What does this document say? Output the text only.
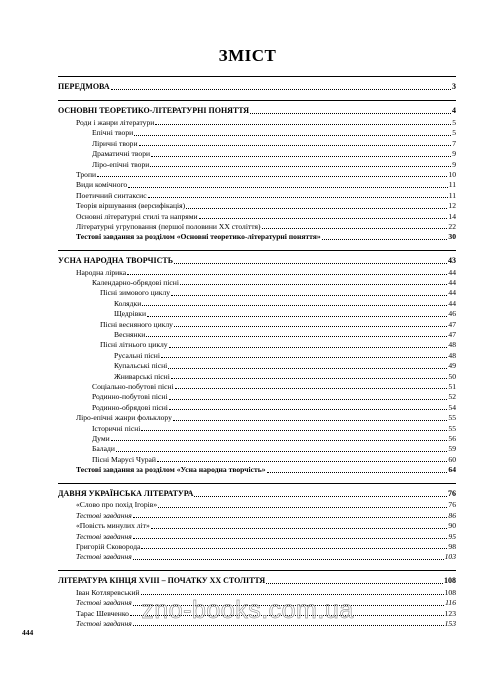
ЗМІСТ
ПЕРЕДМОВА	3
ОСНОВНІ ТЕОРЕТИКО-ЛІТЕРАТУРНІ ПОНЯТТЯ	4
Роди і жанри літератури	5
Епічні твори	5
Ліричні твори	7
Драматичні твори	9
Ліро-епічні твори	9
Тропи	10
Види комічного	11
Поетичний синтаксис	11
Теорія віршування (версифікація)	12
Основні літературні стилі та напрями	14
Літературні угруповання (першої половини XX століття)	22
Тестові завдання за розділом «Основні теоретико-літературні поняття»	30
УСНА НАРОДНА ТВОРЧІСТЬ	43
Народна лірика	44
Календарно-обрядові пісні	44
Пісні зимового циклу	44
Колядки	44
Щедрівки	46
Пісні весняного циклу	47
Веснянки	47
Пісні літнього циклу	48
Русальні пісні	48
Купальські пісні	49
Жниварські пісні	50
Соціально-побутові пісні	51
Родинно-побутові пісні	52
Родинно-обрядові пісні	54
Ліро-епічні жанри фольклору	55
Історичні пісні	55
Думи	56
Балади	59
Пісні Марусі Чурай	60
Тестові завдання за розділом «Усна народна творчість»	64
ДАВНЯ УКРАЇНСЬКА ЛІТЕРАТУРА	76
«Слово про похід Ігорів»	76
Тестові завдання	86
«Повість минулих літ»	90
Тестові завдання	95
Григорій Сковорода	98
Тестові завдання	103
ЛІТЕРАТУРА КІНЦЯ XVIII – ПОЧАТКУ XX СТОЛІТТЯ	108
Іван Котляревський	108
Тестові завдання	116
Тарас Шевченко	123
Тестові завдання	153
444
zno-books.com.ua
